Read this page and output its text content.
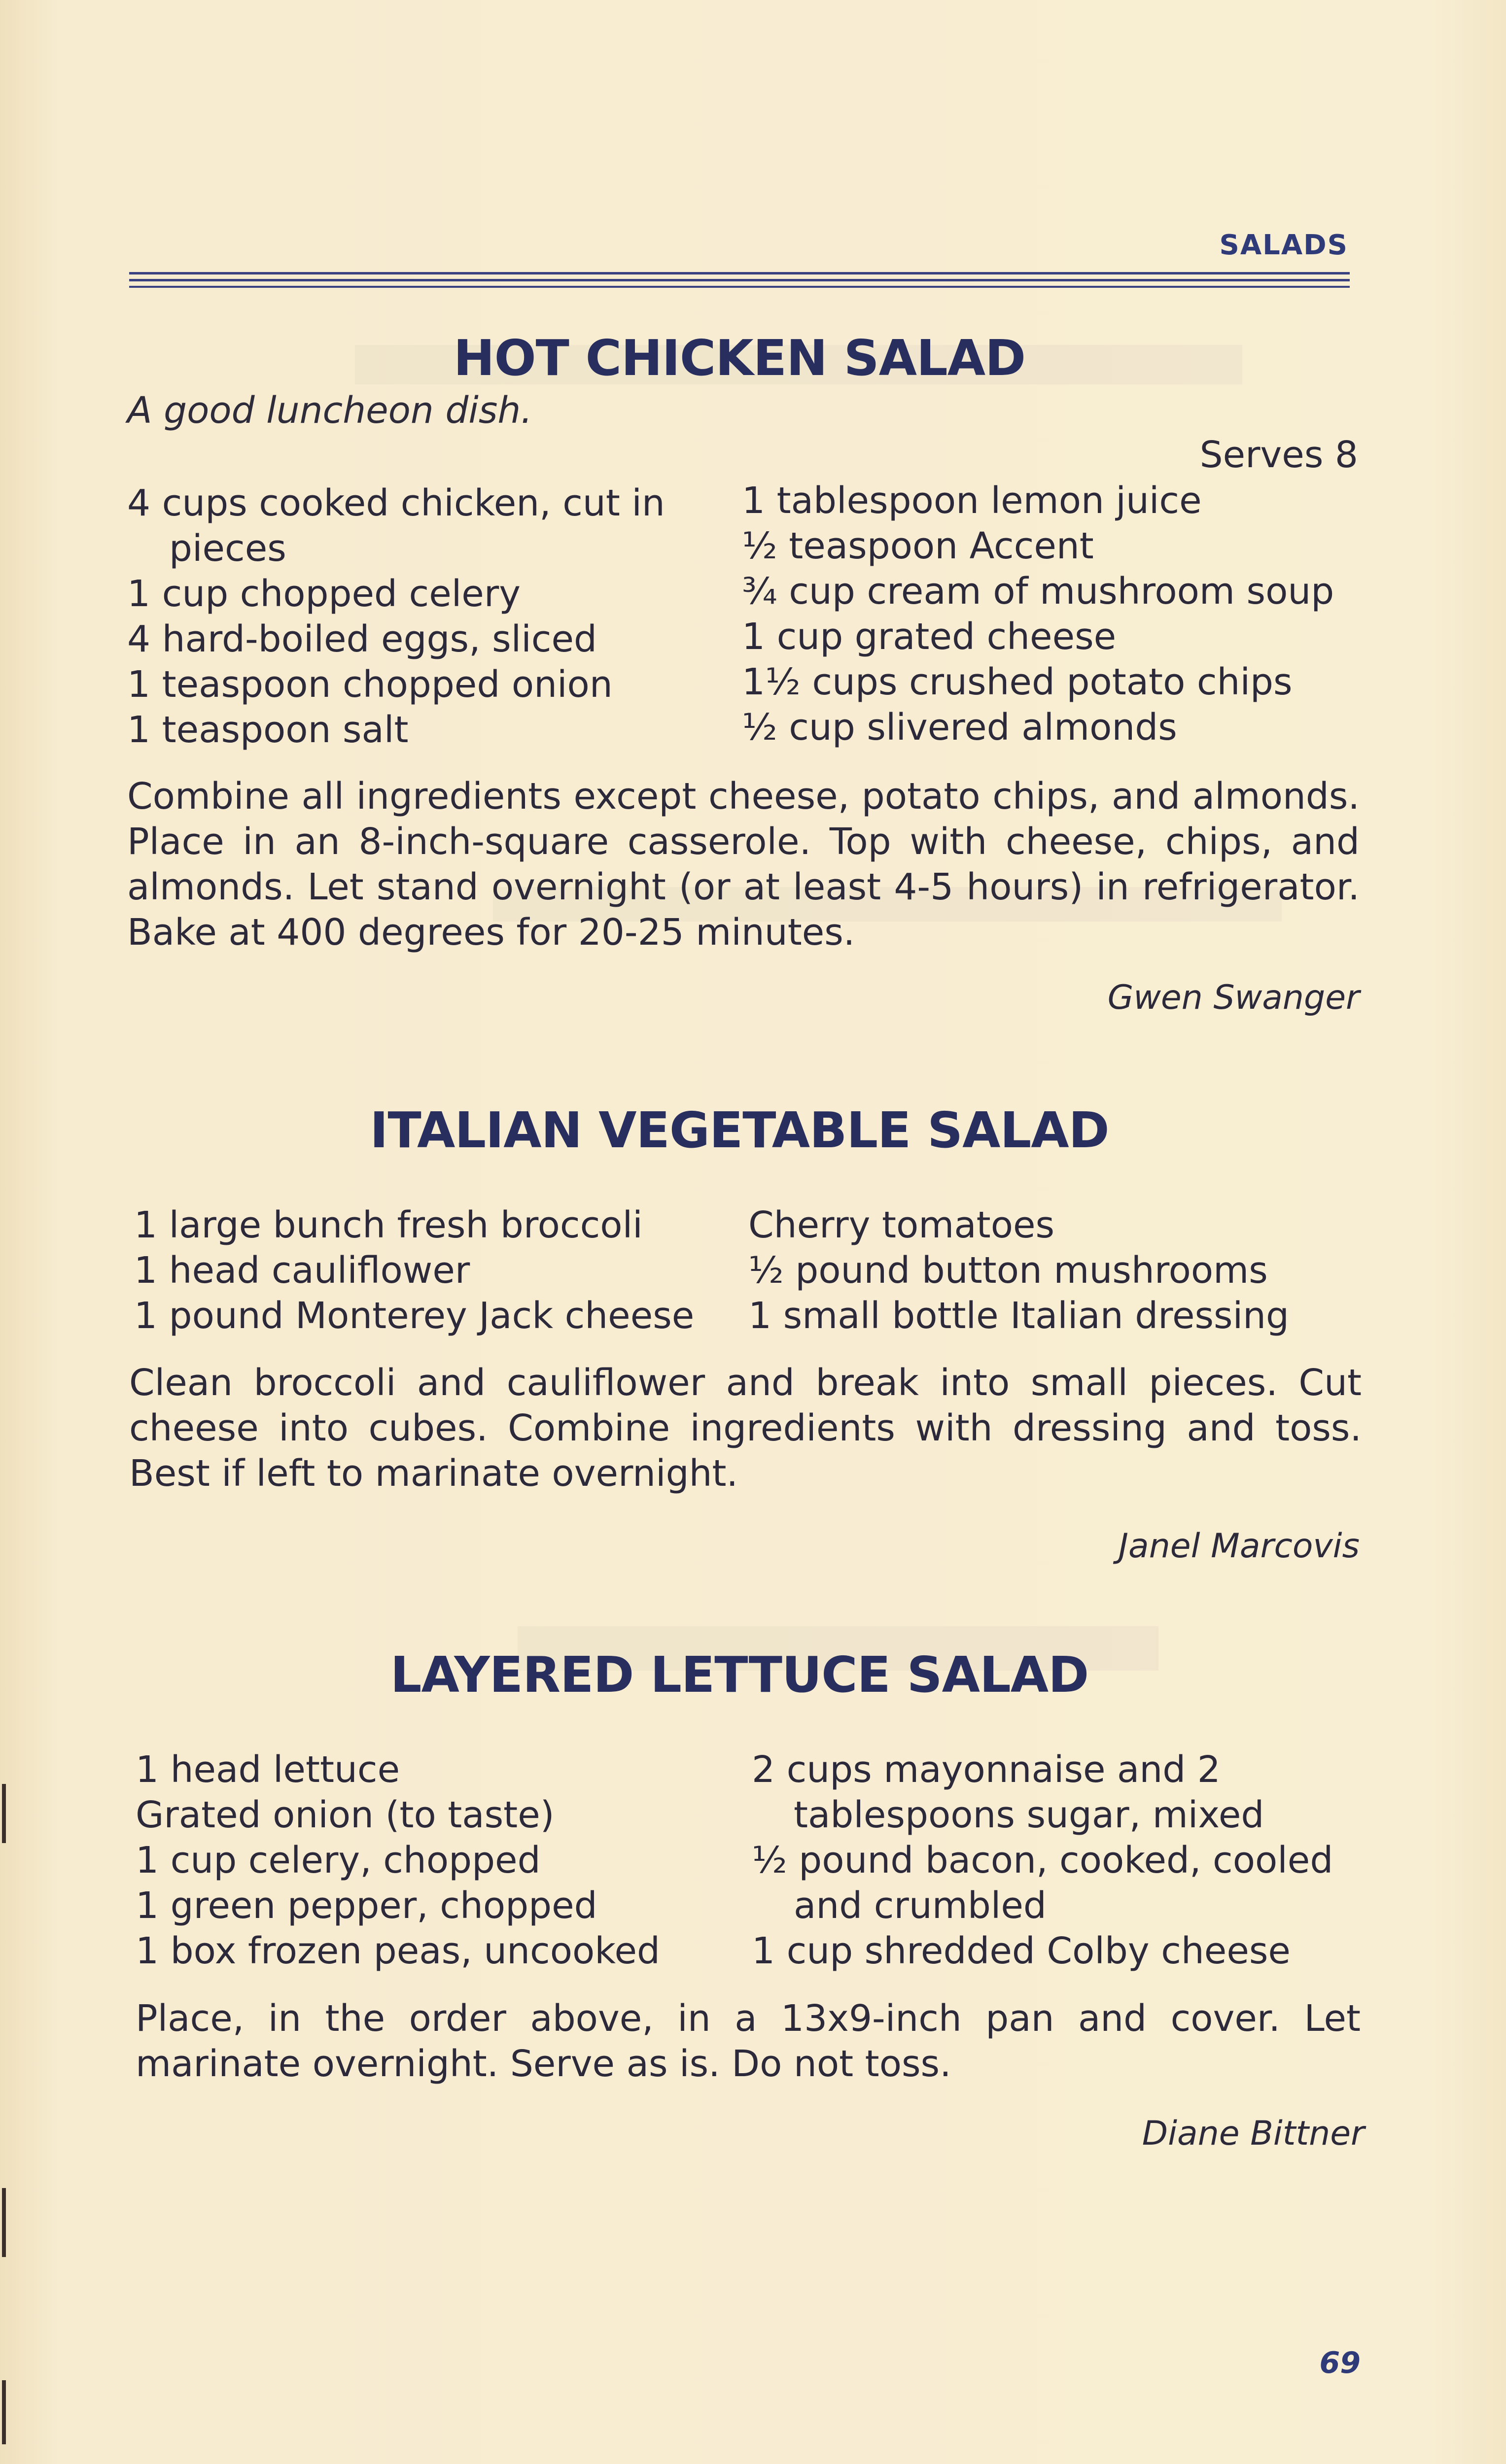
SALADS
HOT CHICKEN SALAD
A good luncheon dish.
Serves 8
4 cups cooked chicken, cut in
pieces
1 cup chopped celery
4 hard-boiled eggs, sliced
1 teaspoon chopped onion
1 teaspoon salt
1 tablespoon lemon juice
½ teaspoon Accent
¾ cup cream of mushroom soup
1 cup grated cheese
1½ cups crushed potato chips
½ cup slivered almonds
Combine all ingredients except cheese, potato chips, and almonds. Place in an 8-inch-square casserole. Top with cheese, chips, and almonds. Let stand overnight (or at least 4-5 hours) in refrigerator. Bake at 400 degrees for 20-25 minutes.
Gwen Swanger
ITALIAN VEGETABLE SALAD
1 large bunch fresh broccoli
1 head cauliflower
1 pound Monterey Jack cheese
Cherry tomatoes
½ pound button mushrooms
1 small bottle Italian dressing
Clean broccoli and cauliflower and break into small pieces. Cut cheese into cubes. Combine ingredients with dressing and toss. Best if left to marinate overnight.
Janel Marcovis
LAYERED LETTUCE SALAD
1 head lettuce
Grated onion (to taste)
1 cup celery, chopped
1 green pepper, chopped
1 box frozen peas, uncooked
2 cups mayonnaise and 2
tablespoons sugar, mixed
½ pound bacon, cooked, cooled
and crumbled
1 cup shredded Colby cheese
Place, in the order above, in a 13x9-inch pan and cover. Let marinate overnight. Serve as is. Do not toss.
Diane Bittner
69
